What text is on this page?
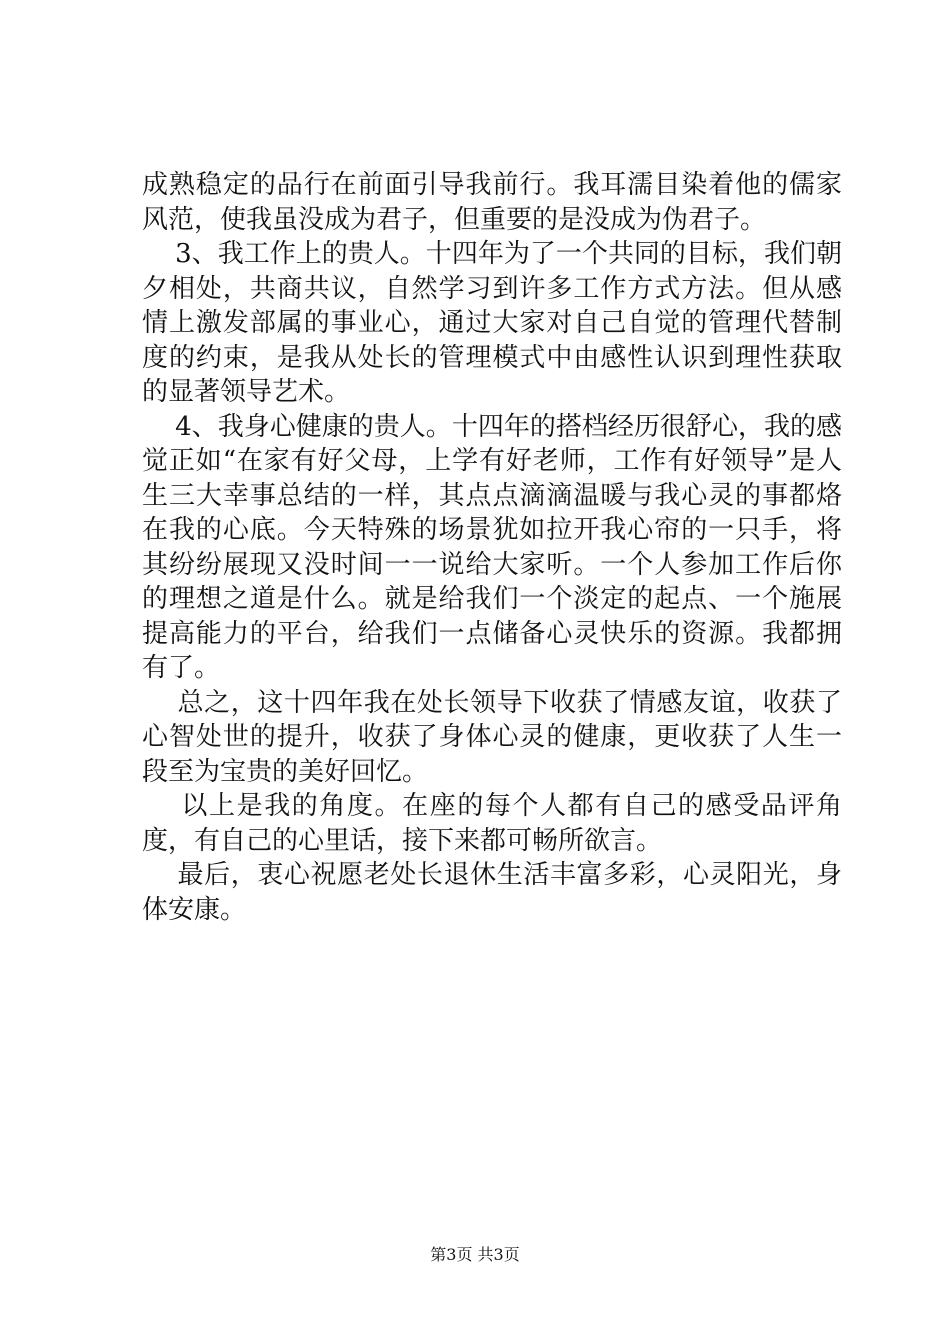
成熟稳定的品行在前面引导我前行。我耳濡目染着他的儒家风范，使我虽没成为君子，但重要的是没成为伪君子。

3、我工作上的贵人。十四年为了一个共同的目标，我们朝夕相处，共商共议，自然学习到许多工作方式方法。但从感情上激发部属的事业心，通过大家对自己自觉的管理代替制度的约束，是我从处长的管理模式中由感性认识到理性获取的显著领导艺术。

4、我身心健康的贵人。十四年的搭档经历很舒心，我的感觉正如“在家有好父母，上学有好老师，工作有好领导”是人生三大幸事总结的一样，其点点滴滴温暖与我心灵的事都烙在我的心底。今天特殊的场景犹如拉开我心帘的一只手，将其纷纷展现又没时间一一说给大家听。一个人参加工作后你的理想之道是什么。就是给我们一个淡定的起点、一个施展提高能力的平台，给我们一点储备心灵快乐的资源。我都拥有了。

总之，这十四年我在处长领导下收获了情感友谊，收获了心智处世的提升，收获了身体心灵的健康，更收获了人生一段至为宝贵的美好回忆。

以上是我的角度。在座的每个人都有自己的感受品评角度，有自己的心里话，接下来都可畅所欲言。

最后，衷心祝愿老处长退休生活丰富多彩，心灵阳光，身体安康。

第3页 共3页
